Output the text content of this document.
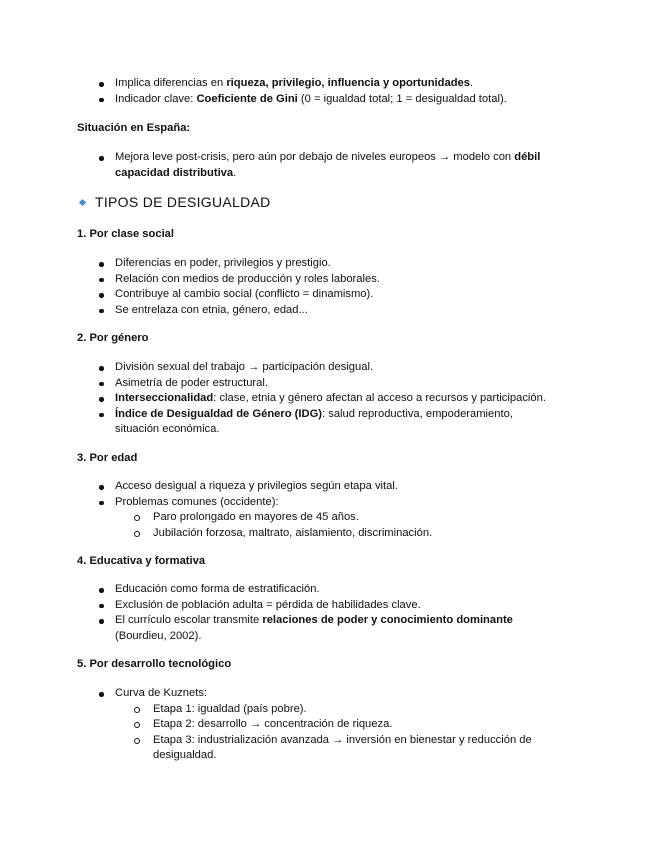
Implica diferencias en riqueza, privilegio, influencia y oportunidades.
Indicador clave: Coeficiente de Gini (0 = igualdad total; 1 = desigualdad total).
Situación en España:
Mejora leve post-crisis, pero aún por debajo de niveles europeos → modelo con débil capacidad distributiva.
TIPOS DE DESIGUALDAD
1. Por clase social
Diferencias en poder, privilegios y prestigio.
Relación con medios de producción y roles laborales.
Contribuye al cambio social (conflicto = dinamismo).
Se entrelaza con etnia, género, edad...
2. Por género
División sexual del trabajo → participación desigual.
Asimetría de poder estructural.
Interseccionalidad: clase, etnia y género afectan al acceso a recursos y participación.
Índice de Desigualdad de Género (IDG): salud reproductiva, empoderamiento, situación económica.
3. Por edad
Acceso desigual a riqueza y privilegios según etapa vital.
Problemas comunes (occidente):
Paro prolongado en mayores de 45 años.
Jubilación forzosa, maltrato, aislamiento, discriminación.
4. Educativa y formativa
Educación como forma de estratificación.
Exclusión de población adulta = pérdida de habilidades clave.
El currículo escolar transmite relaciones de poder y conocimiento dominante (Bourdieu, 2002).
5. Por desarrollo tecnológico
Curva de Kuznets:
Etapa 1: igualdad (país pobre).
Etapa 2: desarrollo → concentración de riqueza.
Etapa 3: industrialización avanzada → inversión en bienestar y reducción de desigualdad.
